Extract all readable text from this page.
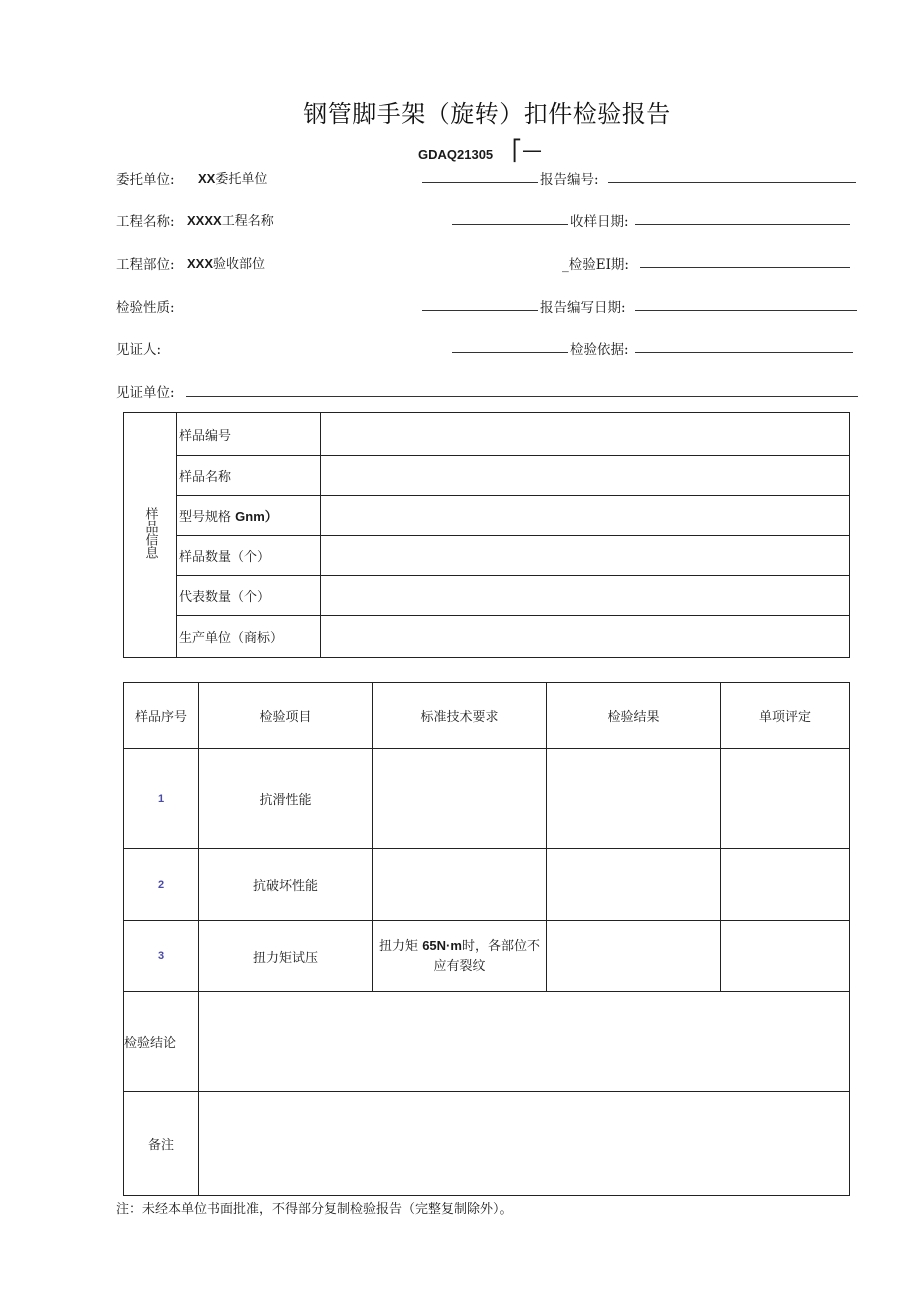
钢管脚手架（旋转）扣件检验报告
GDAQ21305 ⎡—
委托单位: XX委托单位	报告编号:
工程名称: XXXX工程名称	收样日期:
工程部位: XXX验收部位	_检验EI期:
检验性质:	报告编写日期:
见证人:	检验依据:
见证单位:
样品信息	样品编号	
	样品名称	
	型号规格 Gnm）	
	样品数量（个）	
	代表数量（个）	
	生产单位（商标）	
样品序号	检验项目	标准技术要求	检验结果	单项评定
1	抗滑性能			
2	抗破坏性能			
3	扭力矩试压	扭力矩 65N·m时，各部位不
应有裂纹		
检验结论				
备注				
注：未经本单位书面批准，不得部分复制检验报告（完整复制除外）。
